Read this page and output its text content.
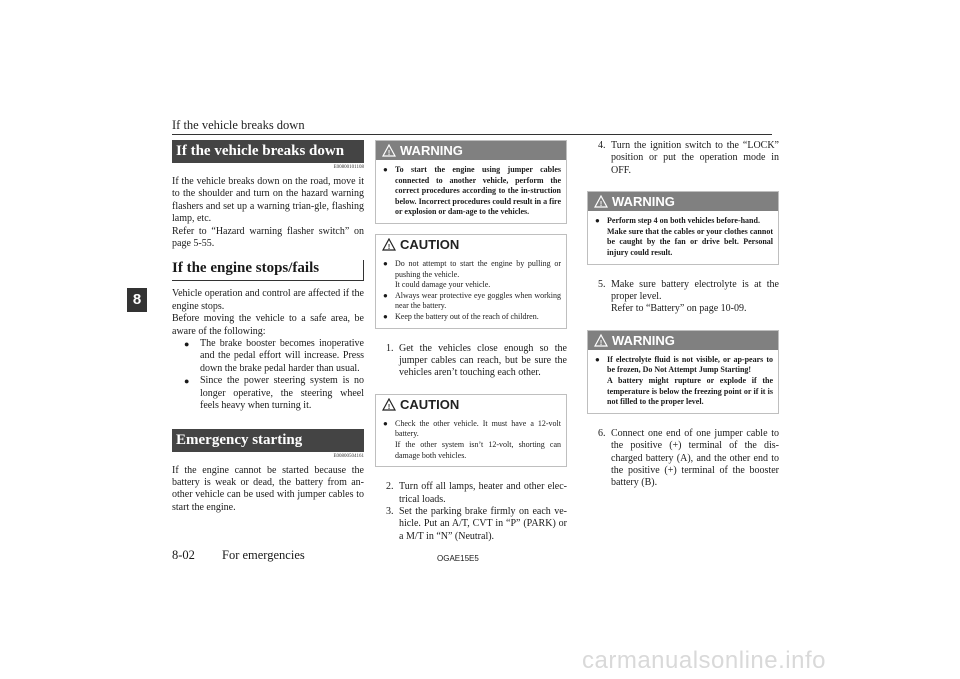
If the vehicle breaks down
8
If the vehicle breaks down
E00800101108

If the vehicle breaks down on the road, move it to the shoulder and turn on the hazard warning flashers and set up a warning trian-gle, flashing lamp, etc.

Refer to “Hazard warning flasher switch” on page 5-55.

If the engine stops/fails

Vehicle operation and control are affected if the engine stops.

Before moving the vehicle to a safe area, be aware of the following:

● The brake booster becomes inoperative and the pedal effort will increase. Press down the brake pedal harder than usual.
● Since the power steering system is no longer operative, the steering wheel feels heavy when turning it.
Emergency starting
E00800504161

If the engine cannot be started because the battery is weak or dead, the battery from an-other vehicle can be used with jumper cables to start the engine.

! WARNING
● To start the engine using jumper cables connected to another vehicle, perform the correct procedures according to the in-struction below. Incorrect procedures could result in a fire or explosion or dam-age to the vehicles.
! CAUTION
● Do not attempt to start the engine by pulling or pushing the vehicle.
It could damage your vehicle.
● Always wear protective eye goggles when working near the battery.
● Keep the battery out of the reach of children.

1. Get the vehicles close enough so the jumper cables can reach, but be sure the vehicles aren’t touching each other.

! CAUTION
● Check the other vehicle. It must have a 12-volt battery.
If the other system isn’t 12-volt, shorting can damage both vehicles.

2. Turn off all lamps, heater and other elec-trical loads.

3. Set the parking brake firmly on each ve-hicle. Put an A/T, CVT in “P” (PARK) or a M/T in “N” (Neutral).

4. Turn the ignition switch to the “LOCK” position or put the operation mode in OFF.

! WARNING
● Perform step 4 on both vehicles before-hand.
Make sure that the cables or your clothes cannot be caught by the fan or drive belt. Personal injury could result.

5. Make sure battery electrolyte is at the proper level.

Refer to “Battery” on page 10-09.

! WARNING
● If electrolyte fluid is not visible, or ap-pears to be frozen, Do Not Attempt Jump Starting!
A battery might rupture or explode if the temperature is below the freezing point or if it is not filled to the proper level.

6. Connect one end of one jumper cable to the positive (+) terminal of the dis-charged battery (A), and the other end to the positive (+) terminal of the booster battery (B).

8-02 For emergencies	OGAE15E5
carmanualsonline.info
